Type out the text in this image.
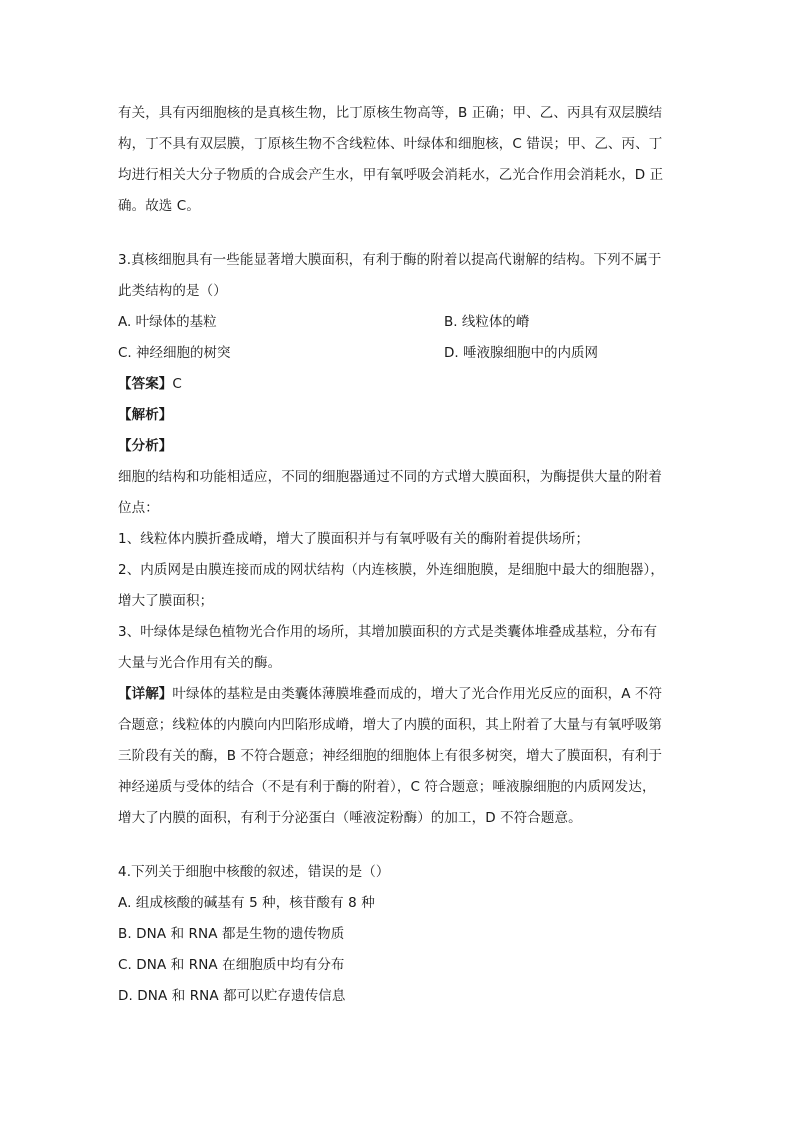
有关，具有丙细胞核的是真核生物，比丁原核生物高等，B 正确；甲、乙、丙具有双层膜结
构，丁不具有双层膜，丁原核生物不含线粒体、叶绿体和细胞核，C 错误；甲、乙、丙、丁
均进行相关大分子物质的合成会产生水，甲有氧呼吸会消耗水，乙光合作用会消耗水，D 正
确。故选 C。
3.真核细胞具有一些能显著增大膜面积，有利于酶的附着以提高代谢解的结构。下列不属于
此类结构的是（）
A. 叶绿体的基粒	B. 线粒体的嵴
C. 神经细胞的树突	D. 唾液腺细胞中的内质网
【答案】C
【解析】
【分析】
细胞的结构和功能相适应，不同的细胞器通过不同的方式增大膜面积，为酶提供大量的附着
位点：
1、线粒体内膜折叠成嵴，增大了膜面积并与有氧呼吸有关的酶附着提供场所；
2、内质网是由膜连接而成的网状结构（内连核膜，外连细胞膜，是细胞中最大的细胞器），
增大了膜面积；
3、叶绿体是绿色植物光合作用的场所，其增加膜面积的方式是类囊体堆叠成基粒，分布有
大量与光合作用有关的酶。
【详解】叶绿体的基粒是由类囊体薄膜堆叠而成的，增大了光合作用光反应的面积，A 不符
合题意；线粒体的内膜向内凹陷形成嵴，增大了内膜的面积，其上附着了大量与有氧呼吸第
三阶段有关的酶，B 不符合题意；神经细胞的细胞体上有很多树突，增大了膜面积，有利于
神经递质与受体的结合（不是有利于酶的附着），C 符合题意；唾液腺细胞的内质网发达，
增大了内膜的面积，有利于分泌蛋白（唾液淀粉酶）的加工，D 不符合题意。
4.下列关于细胞中核酸的叙述，错误的是（）
A. 组成核酸的碱基有 5 种，核苷酸有 8 种
B. DNA 和 RNA 都是生物的遗传物质
C. DNA 和 RNA 在细胞质中均有分布
D. DNA 和 RNA 都可以贮存遗传信息
